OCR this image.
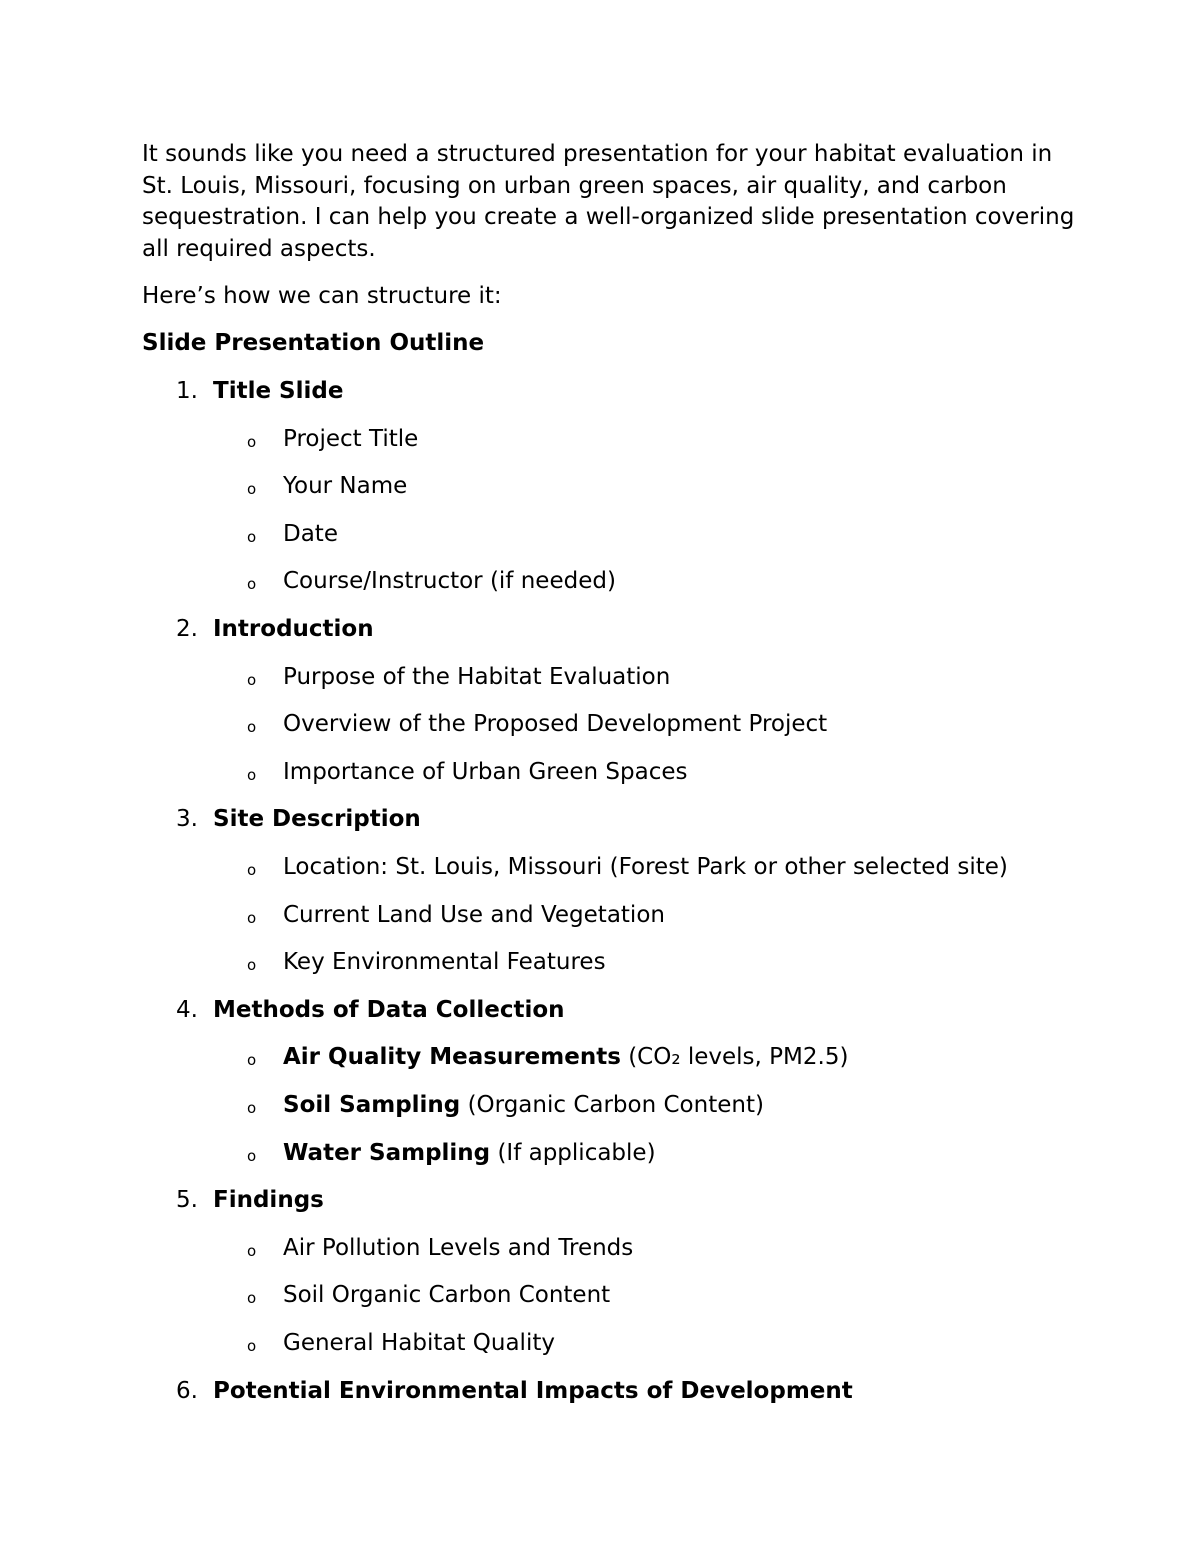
It sounds like you need a structured presentation for your habitat evaluation in St. Louis, Missouri, focusing on urban green spaces, air quality, and carbon sequestration. I can help you create a well-organized slide presentation covering all required aspects.

Here’s how we can structure it:

Slide Presentation Outline

1. Title Slide
o Project Title
o Your Name
o Date
o Course/Instructor (if needed)
2. Introduction
o Purpose of the Habitat Evaluation
o Overview of the Proposed Development Project
o Importance of Urban Green Spaces
3. Site Description
o Location: St. Louis, Missouri (Forest Park or other selected site)
o Current Land Use and Vegetation
o Key Environmental Features
4. Methods of Data Collection
o Air Quality Measurements (CO₂ levels, PM2.5)
o Soil Sampling (Organic Carbon Content)
o Water Sampling (If applicable)
5. Findings
o Air Pollution Levels and Trends
o Soil Organic Carbon Content
o General Habitat Quality
6. Potential Environmental Impacts of Development
